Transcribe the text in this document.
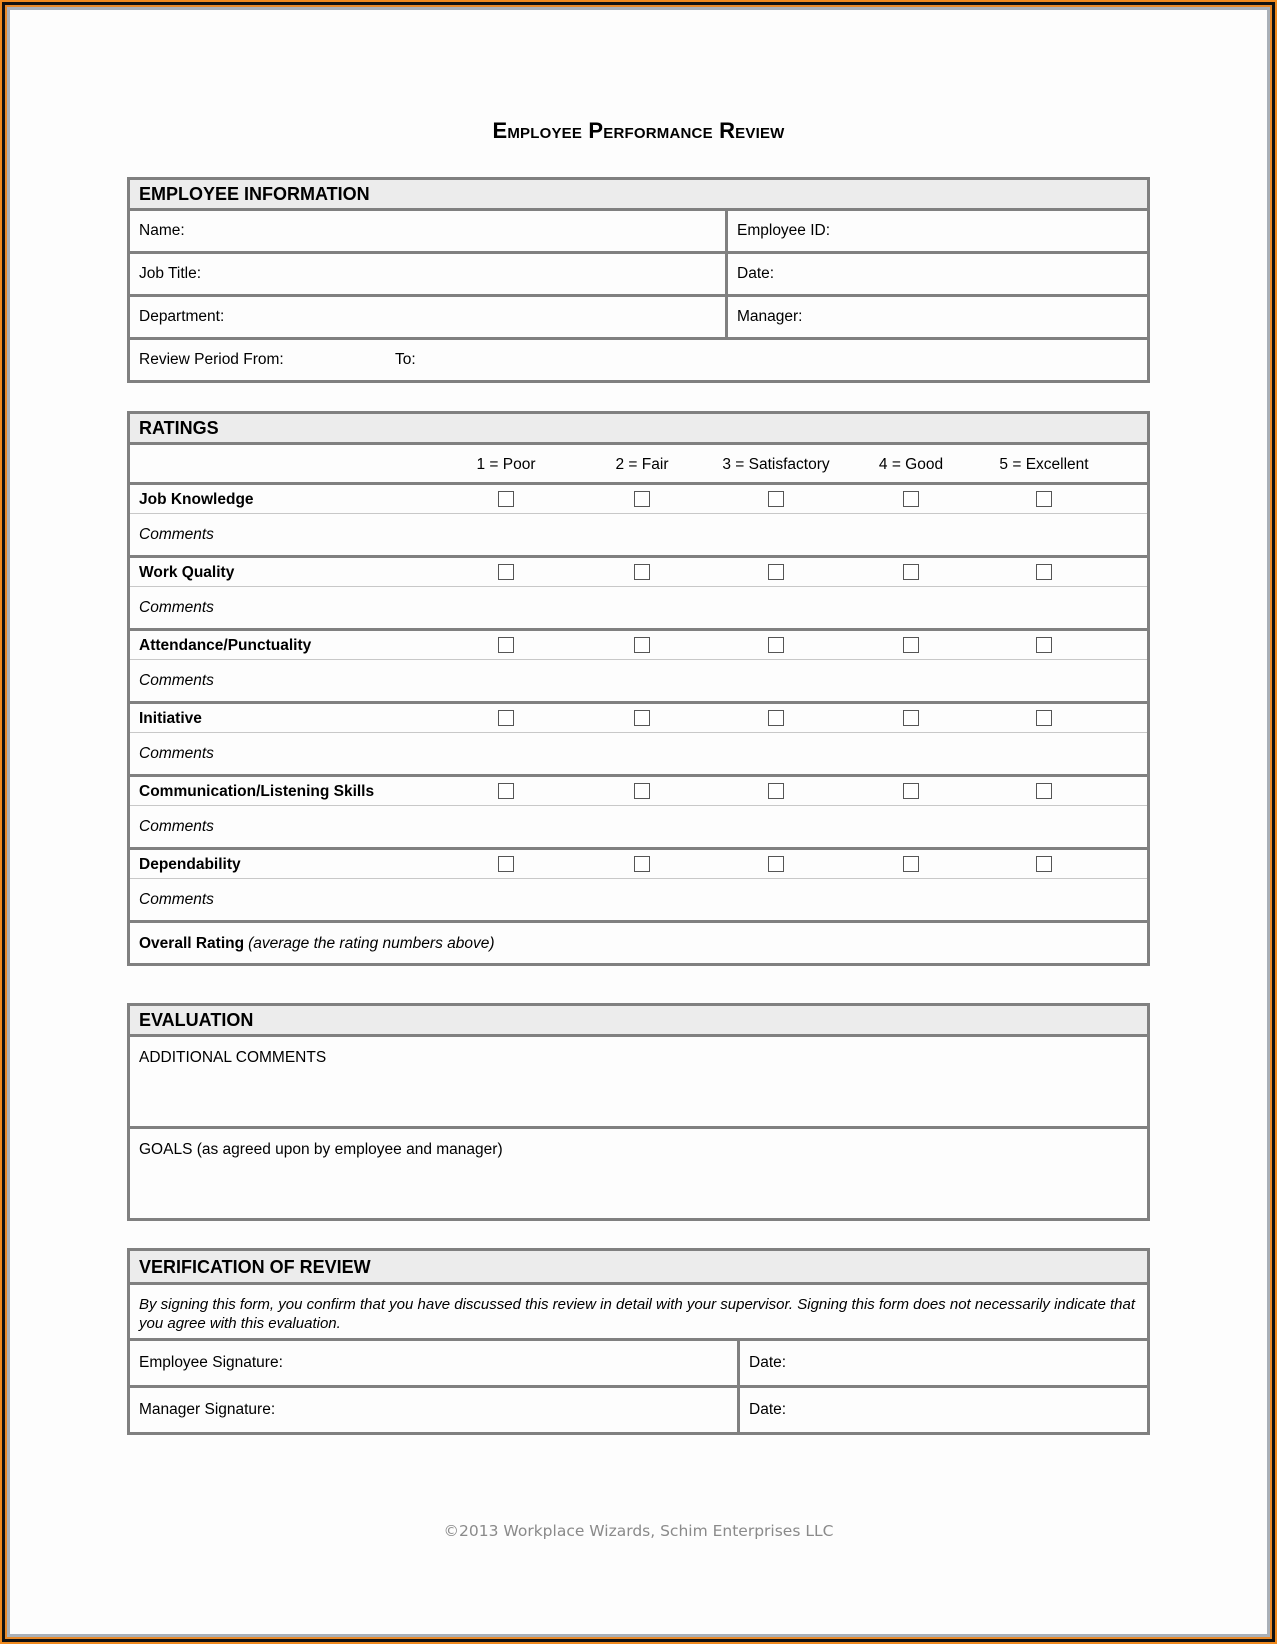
Employee Performance Review
EMPLOYEE INFORMATION
Name:	Employee ID:
Job Title:	Date:
Department:	Manager:
Review Period From:	To:
RATINGS
1 = Poor	2 = Fair	3 = Satisfactory	4 = Good	5 = Excellent
Job Knowledge
Comments
Work Quality
Comments
Attendance/Punctuality
Comments
Initiative
Comments
Communication/Listening Skills
Comments
Dependability
Comments
Overall Rating (average the rating numbers above)
EVALUATION
ADDITIONAL COMMENTS
GOALS (as agreed upon by employee and manager)
VERIFICATION OF REVIEW
By signing this form, you confirm that you have discussed this review in detail with your supervisor. Signing this form does not necessarily indicate that you agree with this evaluation.
Employee Signature:	Date:
Manager Signature:	Date:
©2013 Workplace Wizards, Schim Enterprises LLC
